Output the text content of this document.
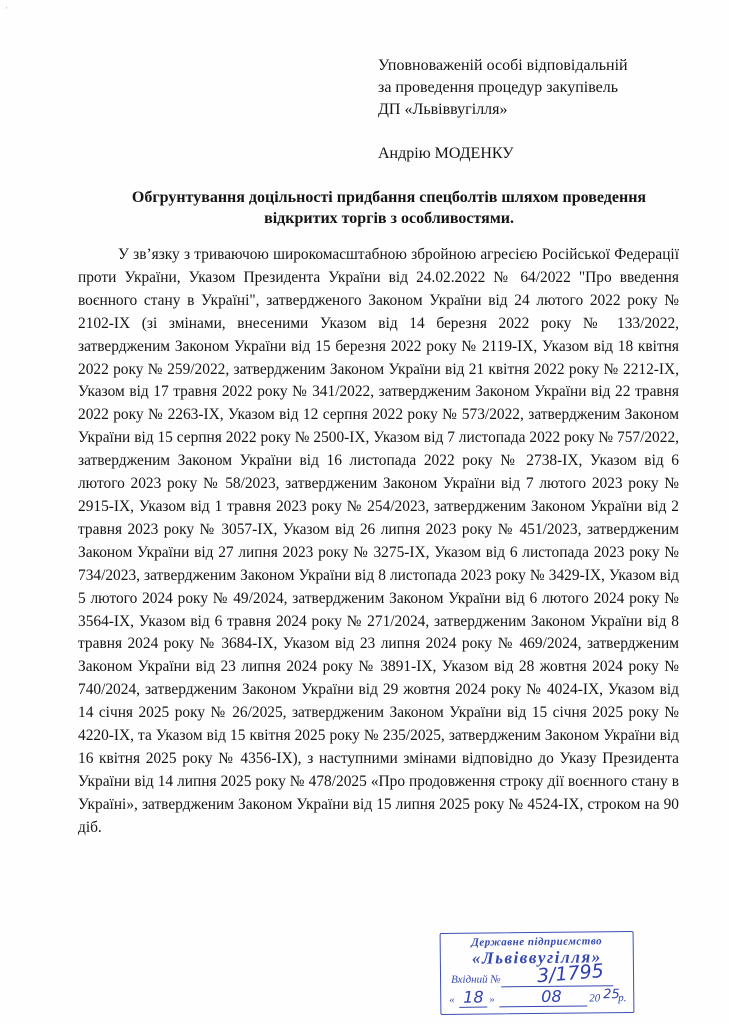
'
Уповноваженій особі відповідальній
за проведення процедур закупівель
ДП «Львіввугілля»
Андрію МОДЕНКУ
Обгрунтування доцільності придбання спецболтів шляхом проведення відкритих торгів з особливостями.

У зв’язку з триваючою широкомасштабною збройною агресією Російської Федерації проти України, Указом Президента України від 24.02.2022 № 64/2022 "Про введення воєнного стану в Україні", затвердженого Законом України від 24 лютого 2022 року № 2102-IX (зі змінами, внесеними Указом від 14 березня 2022 року № 133/2022, затвердженим Законом України від 15 березня 2022 року № 2119-IX, Указом від 18 квітня 2022 року № 259/2022, затвердженим Законом України від 21 квітня 2022 року № 2212-IX, Указом від 17 травня 2022 року № 341/2022, затвердженим Законом України від 22 травня 2022 року № 2263-IX, Указом від 12 серпня 2022 року № 573/2022, затвердженим Законом України від 15 серпня 2022 року № 2500-IX, Указом від 7 листопада 2022 року № 757/2022, затвердженим Законом України від 16 листопада 2022 року № 2738-IX, Указом від 6 лютого 2023 року № 58/2023, затвердженим Законом України від 7 лютого 2023 року № 2915-IX, Указом від 1 травня 2023 року № 254/2023, затвердженим Законом України від 2 травня 2023 року № 3057-IX, Указом від 26 липня 2023 року № 451/2023, затвердженим Законом України від 27 липня 2023 року № 3275-IX, Указом від 6 листопада 2023 року № 734/2023, затвердженим Законом України від 8 листопада 2023 року № 3429-IX, Указом від 5 лютого 2024 року № 49/2024, затвердженим Законом України від 6 лютого 2024 року № 3564-IX, Указом від 6 травня 2024 року № 271/2024, затвердженим Законом України від 8 травня 2024 року № 3684-IX, Указом від 23 липня 2024 року № 469/2024, затвердженим Законом України від 23 липня 2024 року № 3891-IX, Указом від 28 жовтня 2024 року № 740/2024, затвердженим Законом України від 29 жовтня 2024 року № 4024-IX, Указом від 14 січня 2025 року № 26/2025, затвердженим Законом України від 15 січня 2025 року № 4220-IX, та Указом від 15 квітня 2025 року № 235/2025, затвердженим Законом України від 16 квітня 2025 року № 4356-IX), з наступними змінами відповідно до Указу Президента України від 14 липня 2025 року № 478/2025 «Про продовження строку дії воєнного стану в Україні», затвердженим Законом України від 15 липня 2025 року № 4524-IX, строком на 90 діб.

Державне підприємство
«Львіввугілля»
Вхідний № 3/1795
« 18 »	08	20 25
р.
